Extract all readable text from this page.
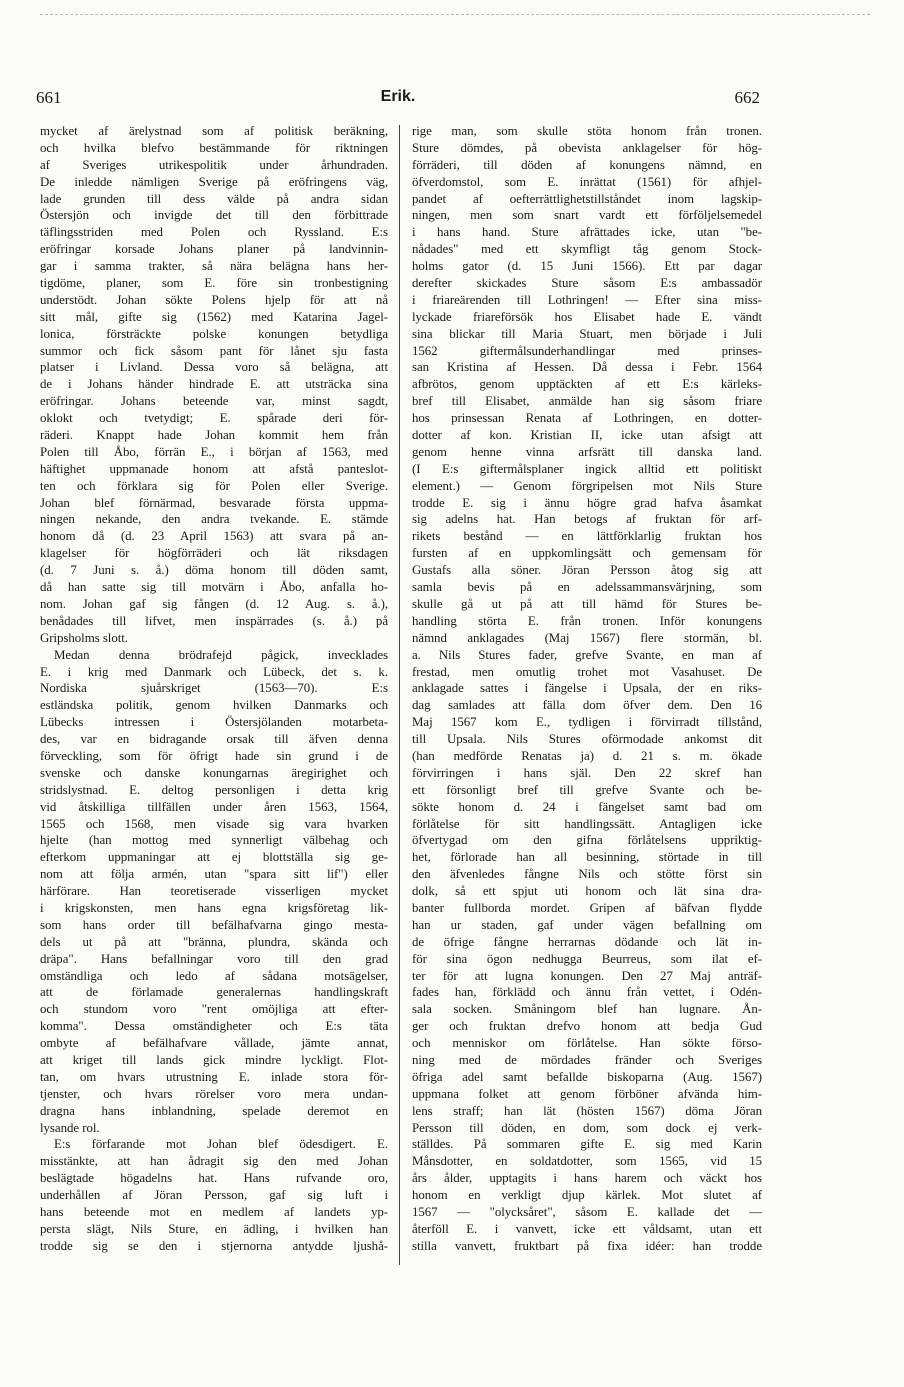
661	Erik.	662
mycket af ärelystnad som af politisk beräkning,
och hvilka blefvo bestämmande för riktningen
af Sveriges utrikespolitik under århundraden.
De inledde nämligen Sverige på eröfringens väg,
lade grunden till dess välde på andra sidan
Östersjön och invigde det till den förbittrade
täflingsstriden med Polen och Ryssland. E:s
eröfringar korsade Johans planer på landvinnin-
gar i samma trakter, så nära belägna hans her-
tigdöme, planer, som E. före sin tronbestigning
understödt. Johan sökte Polens hjelp för att nå
sitt mål, gifte sig (1562) med Katarina Jagel-
lonica, försträckte polske konungen betydliga
summor och fick såsom pant för lånet sju fasta
platser i Livland. Dessa voro så belägna, att
de i Johans händer hindrade E. att utsträcka sina
eröfringar. Johans beteende var, minst sagdt,
oklokt och tvetydigt; E. spårade deri för-
räderi. Knappt hade Johan kommit hem från
Polen till Åbo, förrän E., i början af 1563, med
häftighet uppmanade honom att afstå panteslot-
ten och förklara sig för Polen eller Sverige.
Johan blef förnärmad, besvarade första uppma-
ningen nekande, den andra tvekande. E. stämde
honom då (d. 23 April 1563) att svara på an-
klagelser för högförräderi och lät riksdagen
(d. 7 Juni s. å.) döma honom till döden samt,
då han satte sig till motvärn i Åbo, anfalla ho-
nom. Johan gaf sig fången (d. 12 Aug. s. å.),
benådades till lifvet, men inspärrades (s. å.) på
Gripsholms slott.
Medan denna brödrafejd pågick, invecklades
E. i krig med Danmark och Lübeck, det s. k.
Nordiska sjuårskriget (1563—70). E:s
estländska politik, genom hvilken Danmarks och
Lübecks intressen i Östersjölanden motarbeta-
des, var en bidragande orsak till äfven denna
förveckling, som för öfrigt hade sin grund i de
svenske och danske konungarnas äregirighet och
stridslystnad. E. deltog personligen i detta krig
vid åtskilliga tillfällen under åren 1563, 1564,
1565 och 1568, men visade sig vara hvarken
hjelte (han mottog med synnerligt välbehag och
efterkom uppmaningar att ej blottställa sig ge-
nom att följa armén, utan "spara sitt lif") eller
härförare. Han teoretiserade visserligen mycket
i krigskonsten, men hans egna krigsföretag lik-
som hans order till befälhafvarna gingo mesta-
dels ut på att "bränna, plundra, skända och
dräpa". Hans befallningar voro till den grad
omständliga och ledo af sådana motsägelser,
att de förlamade generalernas handlingskraft
och stundom voro "rent omöjliga att efter-
komma". Dessa omständigheter och E:s täta
ombyte af befälhafvare vållade, jämte annat,
att kriget till lands gick mindre lyckligt. Flot-
tan, om hvars utrustning E. inlade stora för-
tjenster, och hvars rörelser voro mera undan-
dragna hans inblandning, spelade deremot en
lysande rol.
E:s förfarande mot Johan blef ödesdigert. E.
misstänkte, att han ådragit sig den med Johan
beslägtade högadelns hat. Hans rufvande oro,
underhållen af Jöran Persson, gaf sig luft i
hans beteende mot en medlem af landets yp-
persta slägt, Nils Sture, en ädling, i hvilken han
trodde sig se den i stjernorna antydde ljushå-
rige man, som skulle stöta honom från tronen.
Sture dömdes, på obevista anklagelser för hög-
förräderi, till döden af konungens nämnd, en
öfverdomstol, som E. inrättat (1561) för afhjel-
pandet af oefterrättlighetstillståndet inom lagskip-
ningen, men som snart vardt ett förföljelsemedel
i hans hand. Sture afrättades icke, utan "be-
nådades" med ett skymfligt tåg genom Stock-
holms gator (d. 15 Juni 1566). Ett par dagar
derefter skickades Sture såsom E:s ambassadör
i friareärenden till Lothringen! — Efter sina miss-
lyckade friareförsök hos Elisabet hade E. vändt
sina blickar till Maria Stuart, men började i Juli
1562 giftermålsunderhandlingar med prinses-
san Kristina af Hessen. Då dessa i Febr. 1564
afbrötos, genom upptäckten af ett E:s kärleks-
bref till Elisabet, anmälde han sig såsom friare
hos prinsessan Renata af Lothringen, en dotter-
dotter af kon. Kristian II, icke utan afsigt att
genom henne vinna arfsrätt till danska land.
(I E:s giftermålsplaner ingick alltid ett politiskt
element.) — Genom förgripelsen mot Nils Sture
trodde E. sig i ännu högre grad hafva åsamkat
sig adelns hat. Han betogs af fruktan för arf-
rikets bestånd — en lättförklarlig fruktan hos
fursten af en uppkomlingsätt och gemensam för
Gustafs alla söner. Jöran Persson åtog sig att
samla bevis på en adelssammansvärjning, som
skulle gå ut på att till hämd för Stures be-
handling störta E. från tronen. Inför konungens
nämnd anklagades (Maj 1567) flere stormän, bl.
a. Nils Stures fader, grefve Svante, en man af
frestad, men omutlig trohet mot Vasahuset. De
anklagade sattes i fängelse i Upsala, der en riks-
dag samlades att fälla dom öfver dem. Den 16
Maj 1567 kom E., tydligen i förvirradt tillstånd,
till Upsala. Nils Stures oförmodade ankomst dit
(han medförde Renatas ja) d. 21 s. m. ökade
förvirringen i hans själ. Den 22 skref han
ett försonligt bref till grefve Svante och be-
sökte honom d. 24 i fängelset samt bad om
förlåtelse för sitt handlingssätt. Antagligen icke
öfvertygad om den gifna förlåtelsens uppriktig-
het, förlorade han all besinning, störtade in till
den äfvenledes fångne Nils och stötte först sin
dolk, så ett spjut uti honom och lät sina dra-
banter fullborda mordet. Gripen af bäfvan flydde
han ur staden, gaf under vägen befallning om
de öfrige fångne herrarnas dödande och lät in-
för sina ögon nedhugga Beurreus, som ilat ef-
ter för att lugna konungen. Den 27 Maj anträf-
fades han, förklädd och ännu från vettet, i Odén-
sala socken. Småningom blef han lugnare. Ån-
ger och fruktan drefvo honom att bedja Gud
och menniskor om förlåtelse. Han sökte förso-
ning med de mördades fränder och Sveriges
öfriga adel samt befallde biskoparna (Aug. 1567)
uppmana folket att genom förböner afvända him-
lens straff; han lät (hösten 1567) döma Jöran
Persson till döden, en dom, som dock ej verk-
ställdes. På sommaren gifte E. sig med Karin
Månsdotter, en soldatdotter, som 1565, vid 15
års ålder, upptagits i hans harem och väckt hos
honom en verkligt djup kärlek. Mot slutet af
1567 — "olycksåret", såsom E. kallade det —
återföll E. i vanvett, icke ett våldsamt, utan ett
stilla vanvett, fruktbart på fixa idéer: han trodde
